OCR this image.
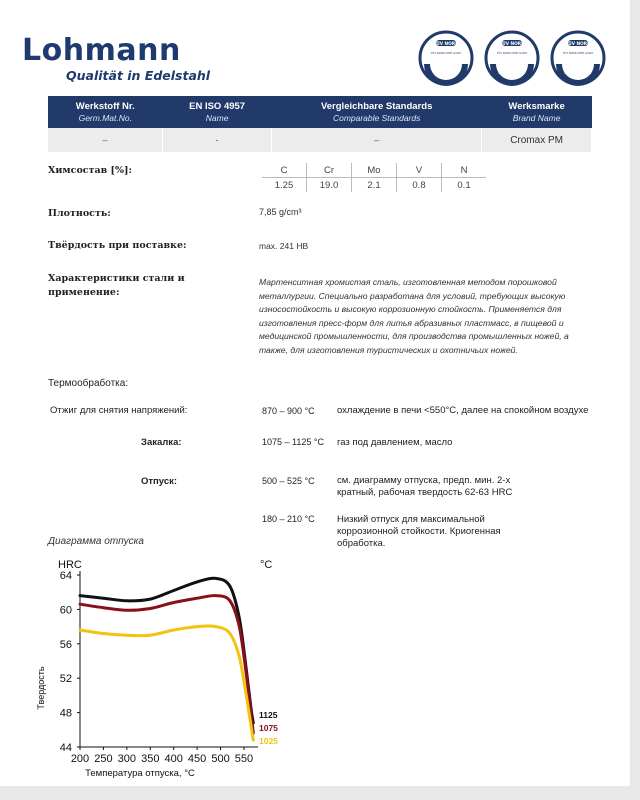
Lohmann
Qualität in Edelstahl
TÜV NORD
TÜV NORD CERT GmbH
DIN EN ISO 9001
TÜV NORD
TÜV NORD CERT GmbH
DIN EN ISO 14001
TÜV NORD
TÜV NORD CERT GmbH
DIN EN ISO 50001
Werkstoff Nr.	EN ISO 4957	Vergleichbare Standards	Werksmarke
Germ.Mat.No.	Name	Comparable Standards	Brand Name
–	-	–	Cromax PM
Химсостав [%]:	C	Cr	Mo	V	N
1.25	19.0	2.1	0.8	0.1
Плотность:	7,85 g/cm³
Твёрдость при поставке:	max. 241 HB
Характеристики стали и
применение:
Мартенситная хромистая сталь, изготовленная методом порошковой металлургии. Специально разработана для условий, требующих высокую износостойкость и высокую коррозионную стойкость. Применяется для изготовления пресс-форм для литья абразивных пластмасс, в пищевой и медицинской промышленности, для производства промышленных ножей, а также, для изготовления туристических и охотничьих ножей.
Термообработка:
Отжиг для снятия напряжений:	870 – 900 °C охлаждение в печи <550°C, далее на спокойном воздухе
Закалка:	1075 – 1125 °C газ под давлением, масло
Отпуск:	500 – 525 °C см. диаграмму отпуска, предп. мин. 2-х
кратный, рабочая твердость 62-63 HRC
180 – 210 °C Низкий отпуск для максимальной
коррозионной стойкости. Криогенная
обработка.
Диаграмма отпуска
HRC	°C
Твердость
Температура отпуска, °C
44
48
52
56
60
64
200 250 300 350 400 450 500 550
1125
1075
1025
